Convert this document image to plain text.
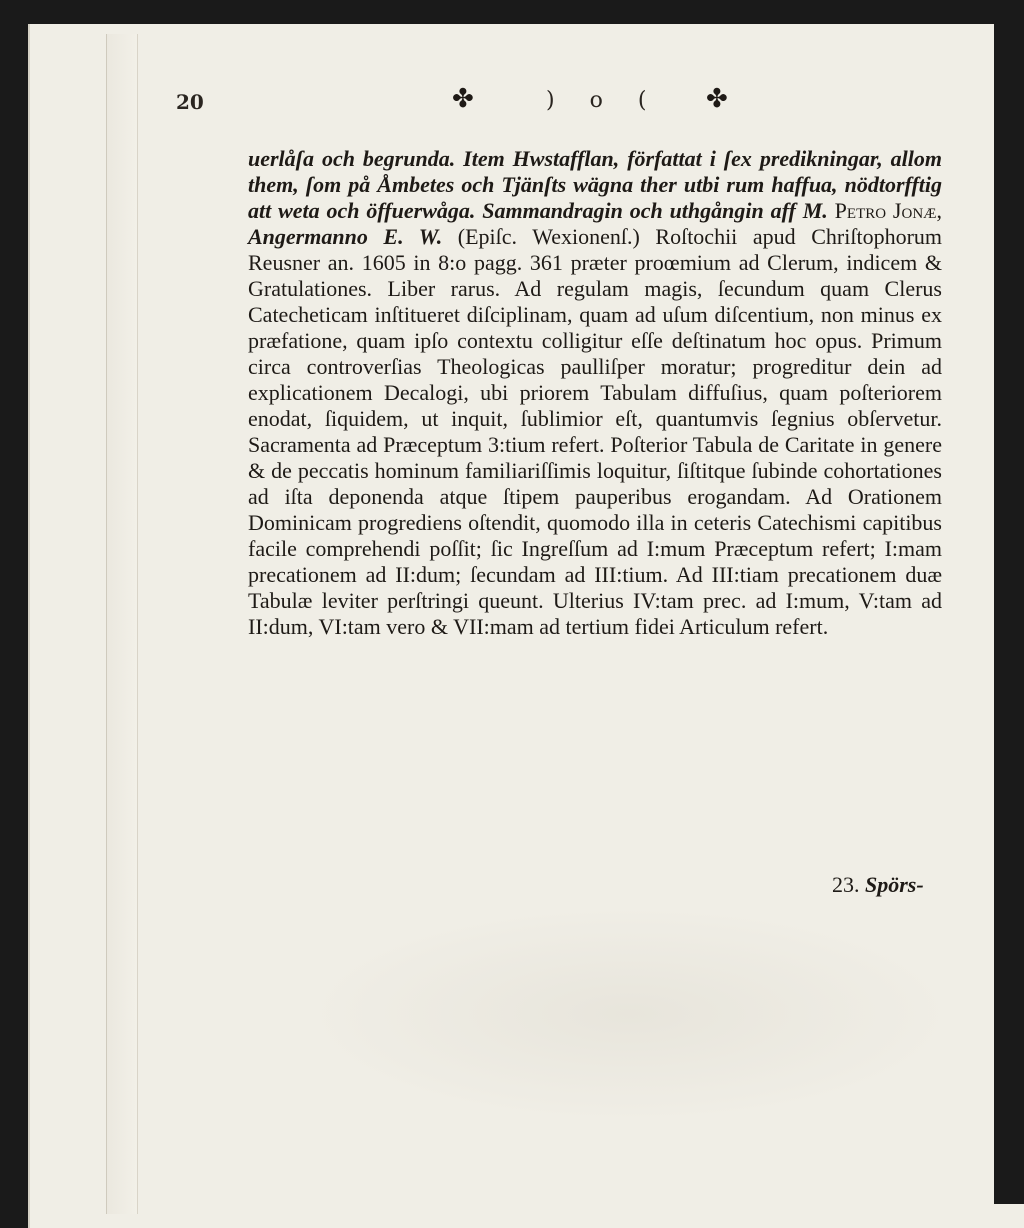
20	✤	) o ( ✤

uerlåſa och begrunda. Item Hwstafflan, författat i ſex predikningar, allom them, ſom på Åmbetes och Tjänſts wägna ther utbi rum haffua, nödtorfftig att weta och öffuerwåga. Sammandragin och uthgångin aff M. Petro Jonæ, Angermanno E. W. (Epiſc. Wexionenſ.) Roſtochii apud Chriſtophorum Reusner an. 1605 in 8:o pagg. 361 præter proœmium ad Clerum, indicem & Gratulationes. Liber rarus. Ad regulam magis, ſecundum quam Clerus Catecheticam inſtitueret diſciplinam, quam ad uſum diſcentium, non minus ex præfatione, quam ipſo contextu colligitur eſſe deſtinatum hoc opus. Primum circa controverſias Theologicas paulliſper moratur; progreditur dein ad explicationem Decalogi, ubi priorem Tabulam diffuſius, quam poſteriorem enodat, ſiquidem, ut inquit, ſublimior eſt, quantumvis ſegnius obſervetur. Sacramenta ad Præceptum 3:tium refert. Poſterior Tabula de Caritate in genere & de peccatis hominum familiariſſimis loquitur, ſiſtitque ſubinde cohortationes ad iſta deponenda atque ſtipem pauperibus erogandam. Ad Orationem Dominicam progrediens oſtendit, quomodo illa in ceteris Catechismi capitibus facile comprehendi poſſit; ſic Ingreſſum ad I:mum Præceptum refert; I:mam precationem ad II:dum; ſecundam ad III:tium. Ad III:tiam precationem duæ Tabulæ leviter perſtringi queunt. Ulterius IV:tam prec. ad I:mum, V:tam ad II:dum, VI:tam vero & VII:mam ad tertium fidei Articulum refert.

23. Spörs-
